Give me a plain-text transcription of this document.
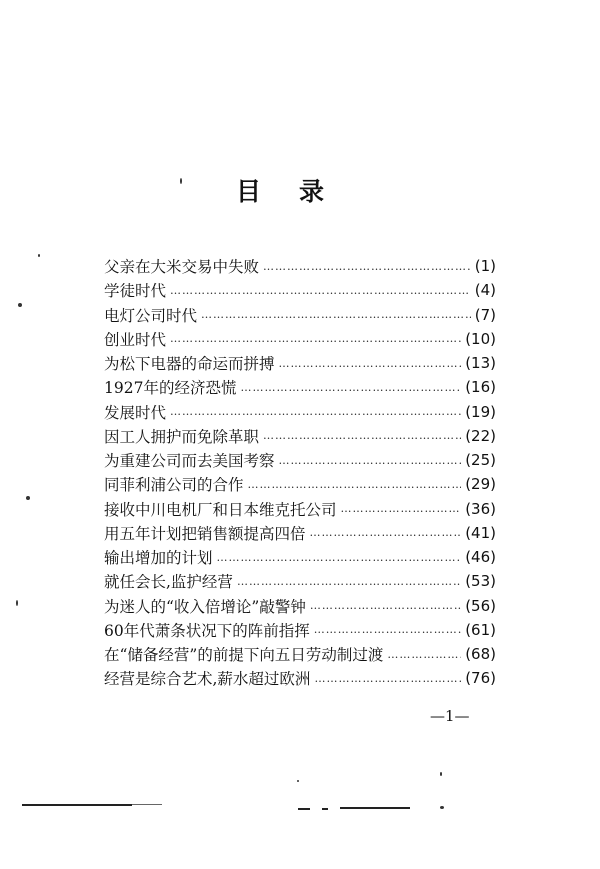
目 录
父亲在大米交易中失败 ……………………………………………………………………………………………………………………………	(1)
学徒时代 ……………………………………………………………………………………………………………………………	(4)
电灯公司时代 ……………………………………………………………………………………………………………………………	(7)
创业时代 ……………………………………………………………………………………………………………………………	(10)
为松下电器的命运而拼搏 ……………………………………………………………………………………………………………………………	(13)
1927年的经济恐慌 ……………………………………………………………………………………………………………………………	(16)
发展时代 ……………………………………………………………………………………………………………………………	(19)
因工人拥护而免除革职 ……………………………………………………………………………………………………………………………	(22)
为重建公司而去美国考察 ……………………………………………………………………………………………………………………………	(25)
同菲利浦公司的合作 ……………………………………………………………………………………………………………………………	(29)
接收中川电机厂和日本维克托公司 ……………………………………………………………………………………………………………………………	(36)
用五年计划把销售额提高四倍 ……………………………………………………………………………………………………………………………	(41)
输出增加的计划 ……………………………………………………………………………………………………………………………	(46)
就任会长,监护经营 ……………………………………………………………………………………………………………………………	(53)
为迷人的“收入倍增论”敲警钟 ……………………………………………………………………………………………………………………………	(56)
60年代萧条状况下的阵前指挥 ……………………………………………………………………………………………………………………………	(61)
在“储备经营”的前提下向五日劳动制过渡 ……………………………………………………………………………………………………………………………	(68)
经营是综合艺术,薪水超过欧洲 ……………………………………………………………………………………………………………………………	(76)
—1—
